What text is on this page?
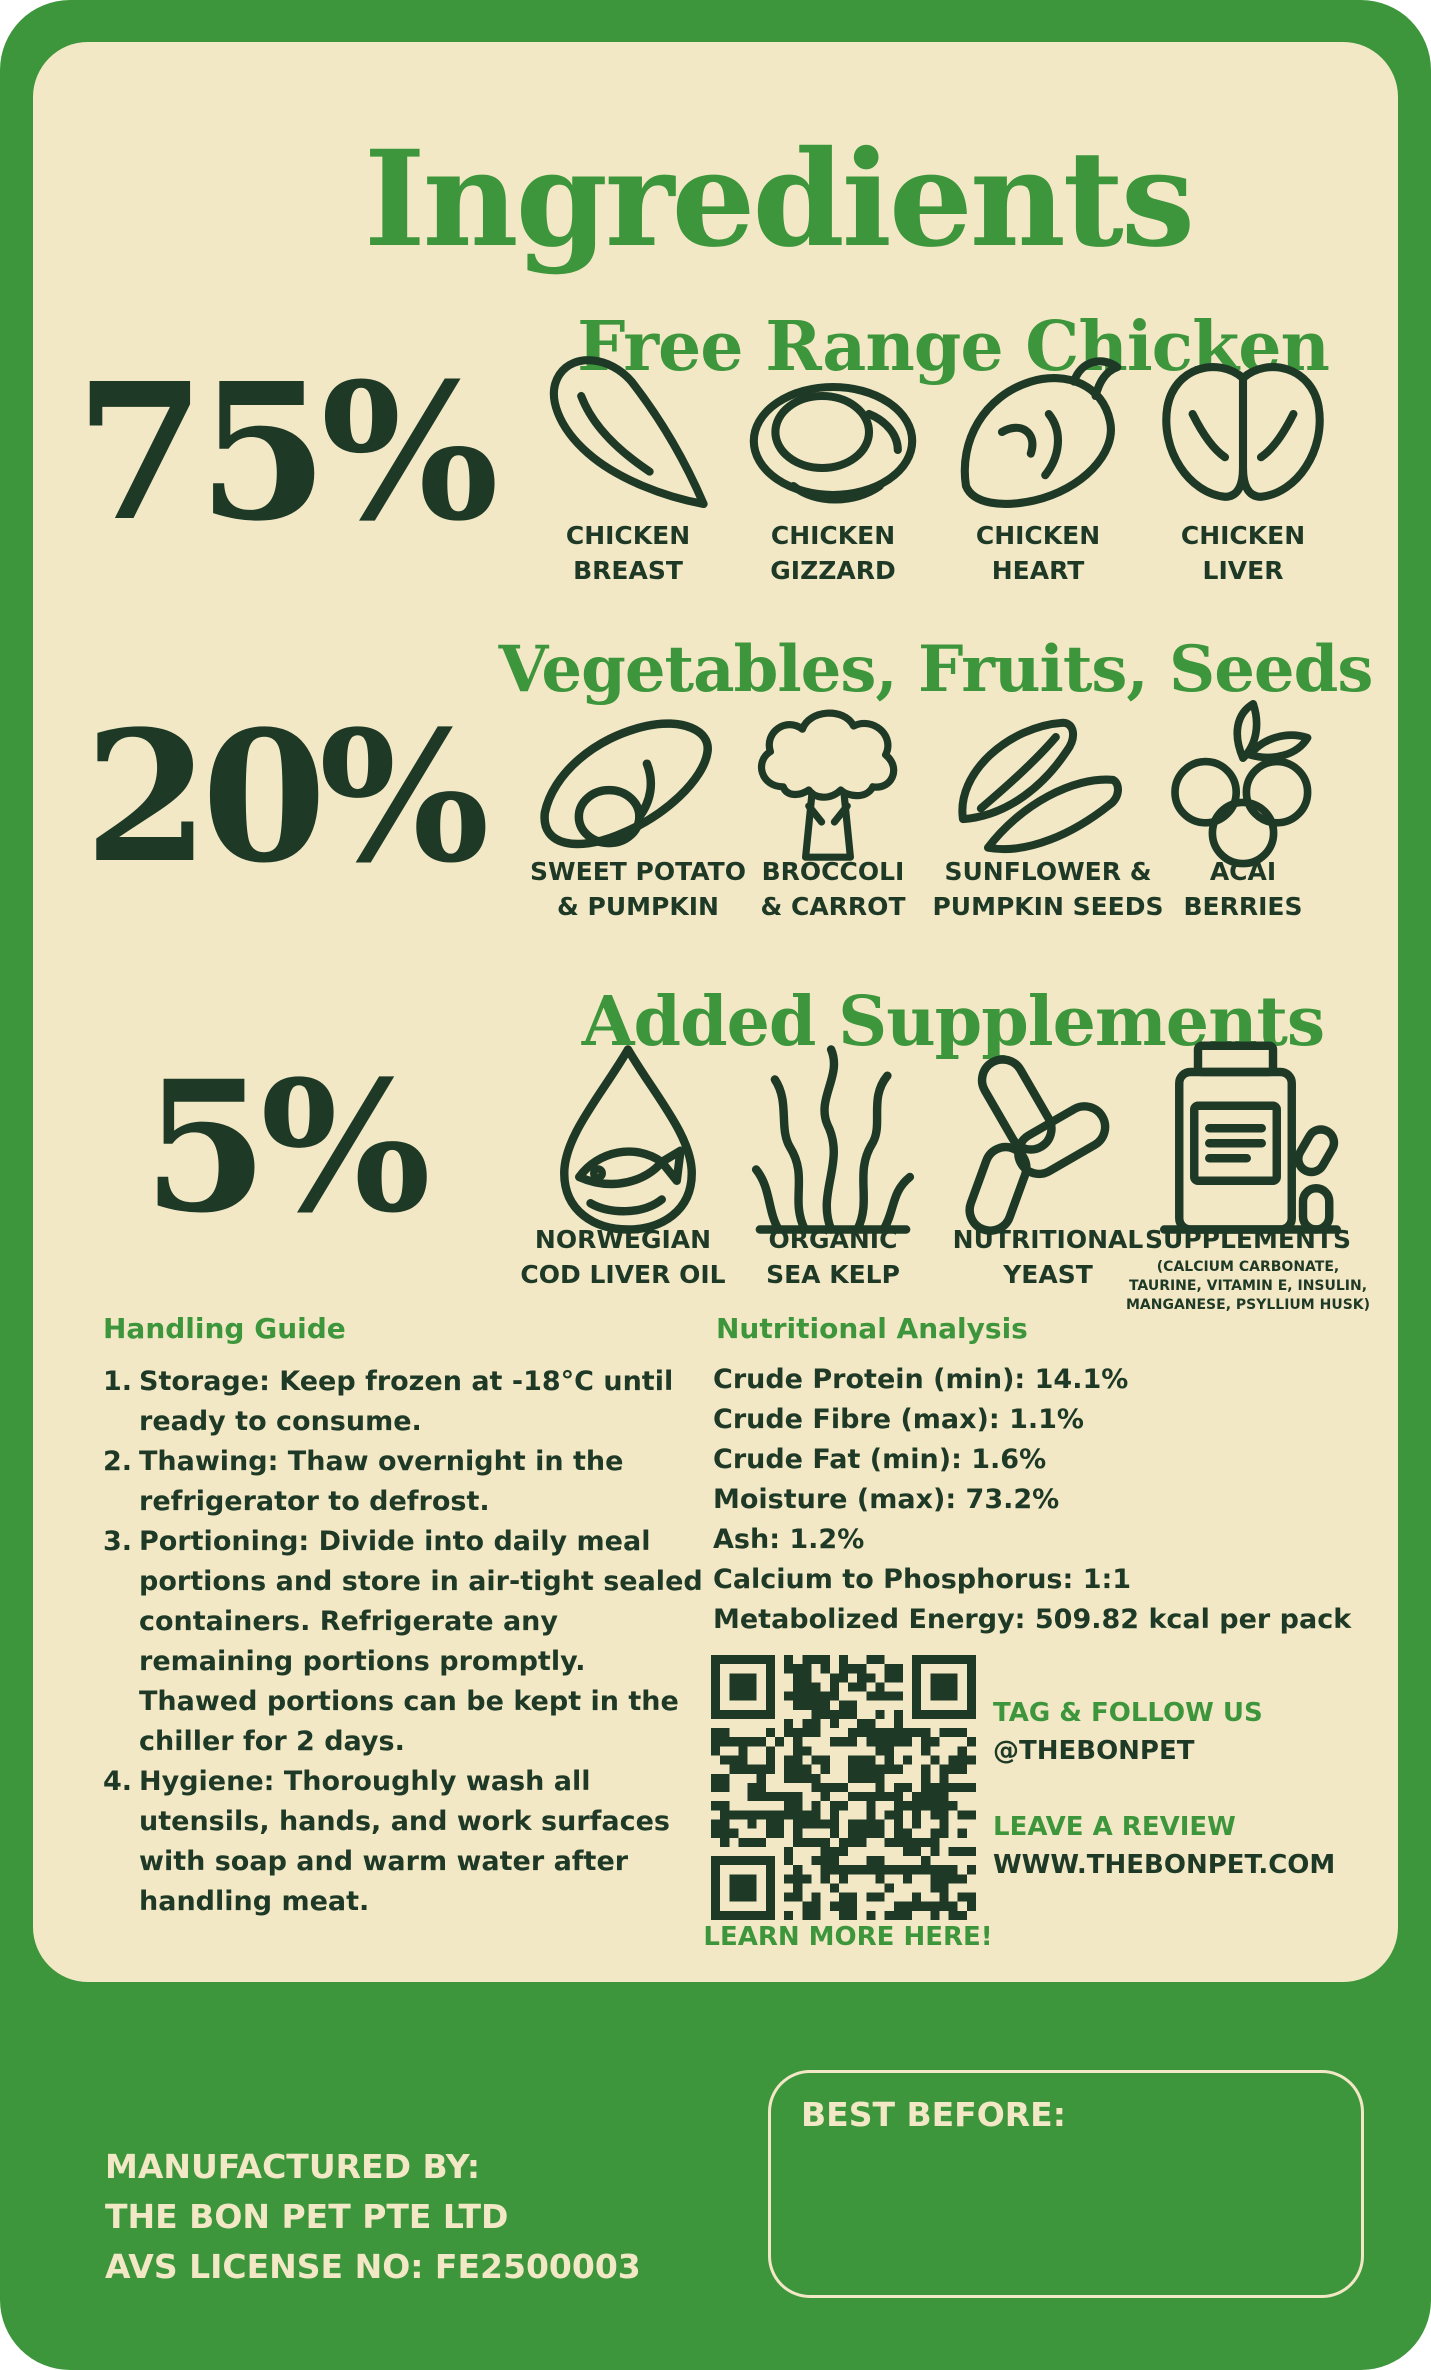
Ingredients
75%	Free Range Chicken
CHICKEN
BREAST
CHICKEN
GIZZARD
CHICKEN
HEART
CHICKEN
LIVER
20%
Vegetables, Fruits, Seeds
SWEET POTATO
& PUMPKIN
BROCCOLI
& CARROT
SUNFLOWER &
PUMPKIN SEEDS
ACAI
BERRIES
5%
Added Supplements
NORWEGIAN
COD LIVER OIL
ORGANIC
SEA KELP
NUTRITIONAL
YEAST
SUPPLEMENTS
(CALCIUM CARBONATE,
TAURINE, VITAMIN E, INSULIN,
MANGANESE, PSYLLIUM HUSK)
Handling Guide
1. Storage: Keep frozen at -18°C until ready to consume.
2. Thawing: Thaw overnight in the refrigerator to defrost.
3. Portioning: Divide into daily meal portions and store in air-tight sealed containers. Refrigerate any remaining portions promptly. Thawed portions can be kept in the chiller for 2 days.
4. Hygiene: Thoroughly wash all utensils, hands, and work surfaces with soap and warm water after handling meat.
Nutritional Analysis
Crude Protein (min): 14.1%
Crude Fibre (max): 1.1%
Crude Fat (min): 1.6%
Moisture (max): 73.2%
Ash: 1.2%
Calcium to Phosphorus: 1:1
Metabolized Energy: 509.82 kcal per pack
LEARN MORE HERE!
TAG & FOLLOW US
@THEBONPET
LEAVE A REVIEW
WWW.THEBONPET.COM
BEST BEFORE:
MANUFACTURED BY:
THE BON PET PTE LTD
AVS LICENSE NO: FE2500003
